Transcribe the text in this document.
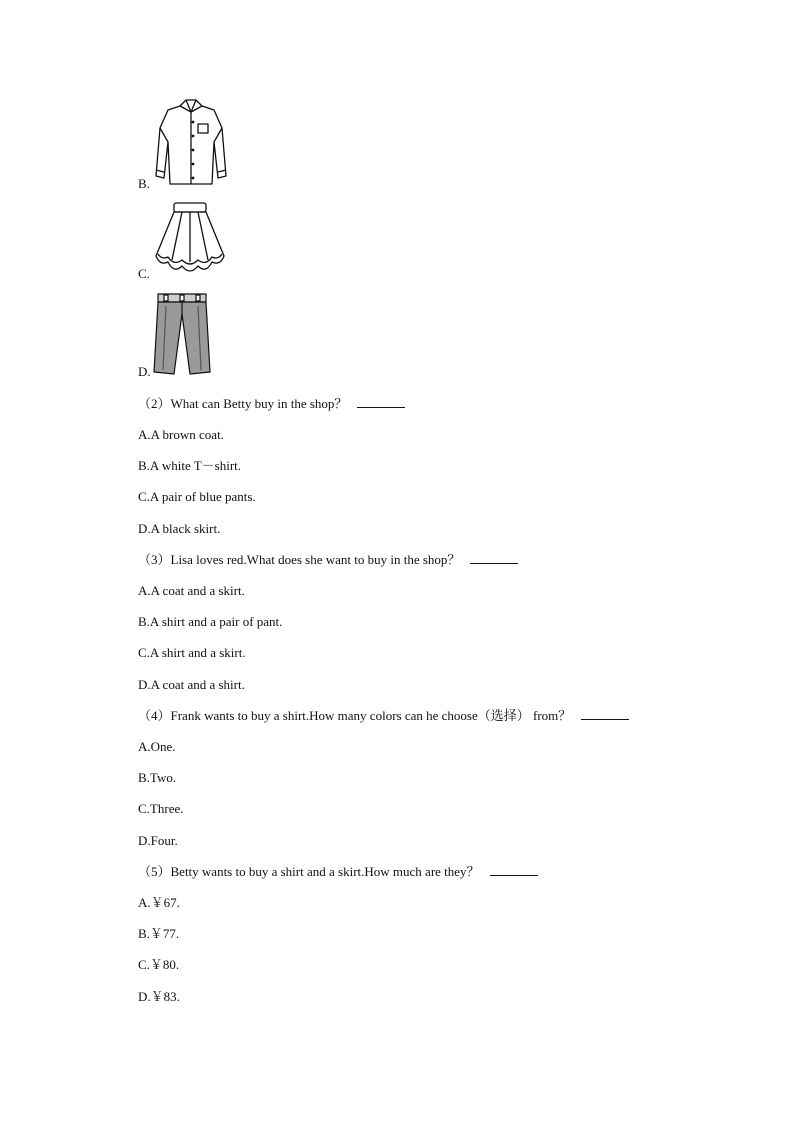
B.
C.
D.
（2）What can Betty buy in the shop？
A.A brown coat.
B.A white T－shirt.
C.A pair of blue pants.
D.A black skirt.
（3）Lisa loves red.What does she want to buy in the shop？
A.A coat and a skirt.
B.A shirt and a pair of pant.
C.A shirt and a skirt.
D.A coat and a shirt.
（4）Frank wants to buy a shirt.How many colors can he choose（选择） from？
A.One.
B.Two.
C.Three.
D.Four.
（5）Betty wants to buy a shirt and a skirt.How much are they？
A.￥67.
B.￥77.
C.￥80.
D.￥83.
